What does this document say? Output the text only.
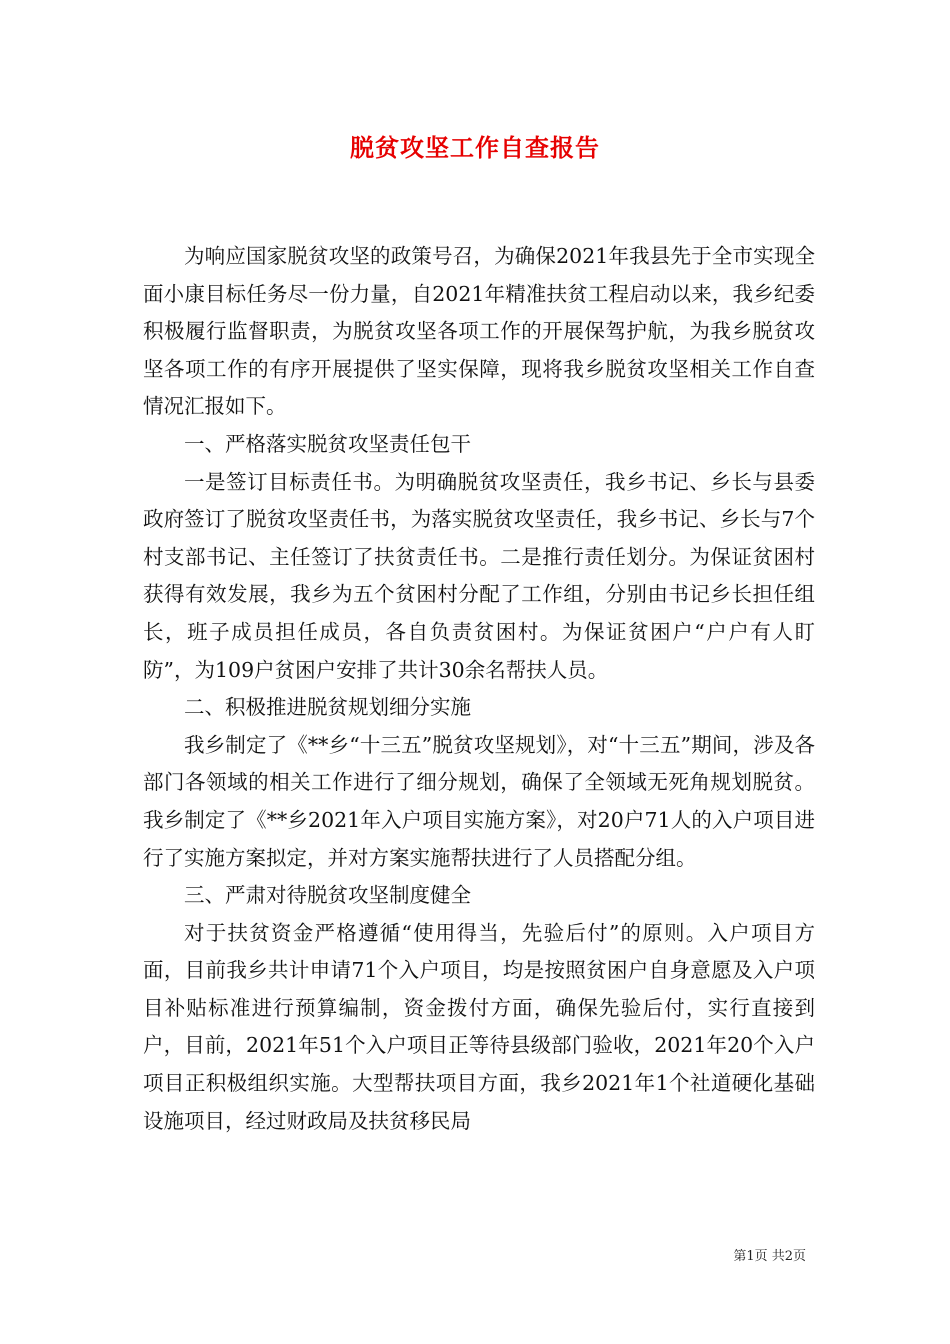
脱贫攻坚工作自查报告

为响应国家脱贫攻坚的政策号召，为确保2021年我县先于全市实现全面小康目标任务尽一份力量，自2021年精准扶贫工程启动以来，我乡纪委积极履行监督职责，为脱贫攻坚各项工作的开展保驾护航，为我乡脱贫攻坚各项工作的有序开展提供了坚实保障，现将我乡脱贫攻坚相关工作自查情况汇报如下。

一、严格落实脱贫攻坚责任包干

一是签订目标责任书。为明确脱贫攻坚责任，我乡书记、乡长与县委政府签订了脱贫攻坚责任书，为落实脱贫攻坚责任，我乡书记、乡长与7个村支部书记、主任签订了扶贫责任书。二是推行责任划分。为保证贫困村获得有效发展，我乡为五个贫困村分配了工作组，分别由书记乡长担任组长，班子成员担任成员，各自负责贫困村。为保证贫困户“户户有人盯防”，为109户贫困户安排了共计30余名帮扶人员。

二、积极推进脱贫规划细分实施

我乡制定了《**乡“十三五”脱贫攻坚规划》，对“十三五”期间，涉及各部门各领域的相关工作进行了细分规划，确保了全领域无死角规划脱贫。我乡制定了《**乡2021年入户项目实施方案》，对20户71人的入户项目进行了实施方案拟定，并对方案实施帮扶进行了人员搭配分组。

三、严肃对待脱贫攻坚制度健全

对于扶贫资金严格遵循“使用得当，先验后付”的原则。入户项目方面，目前我乡共计申请71个入户项目，均是按照贫困户自身意愿及入户项目补贴标准进行预算编制，资金拨付方面，确保先验后付，实行直接到户，目前，2021年51个入户项目正等待县级部门验收，2021年20个入户项目正积极组织实施。大型帮扶项目方面，我乡2021年1个社道硬化基础设施项目，经过财政局及扶贫移民局

第1页 共2页
